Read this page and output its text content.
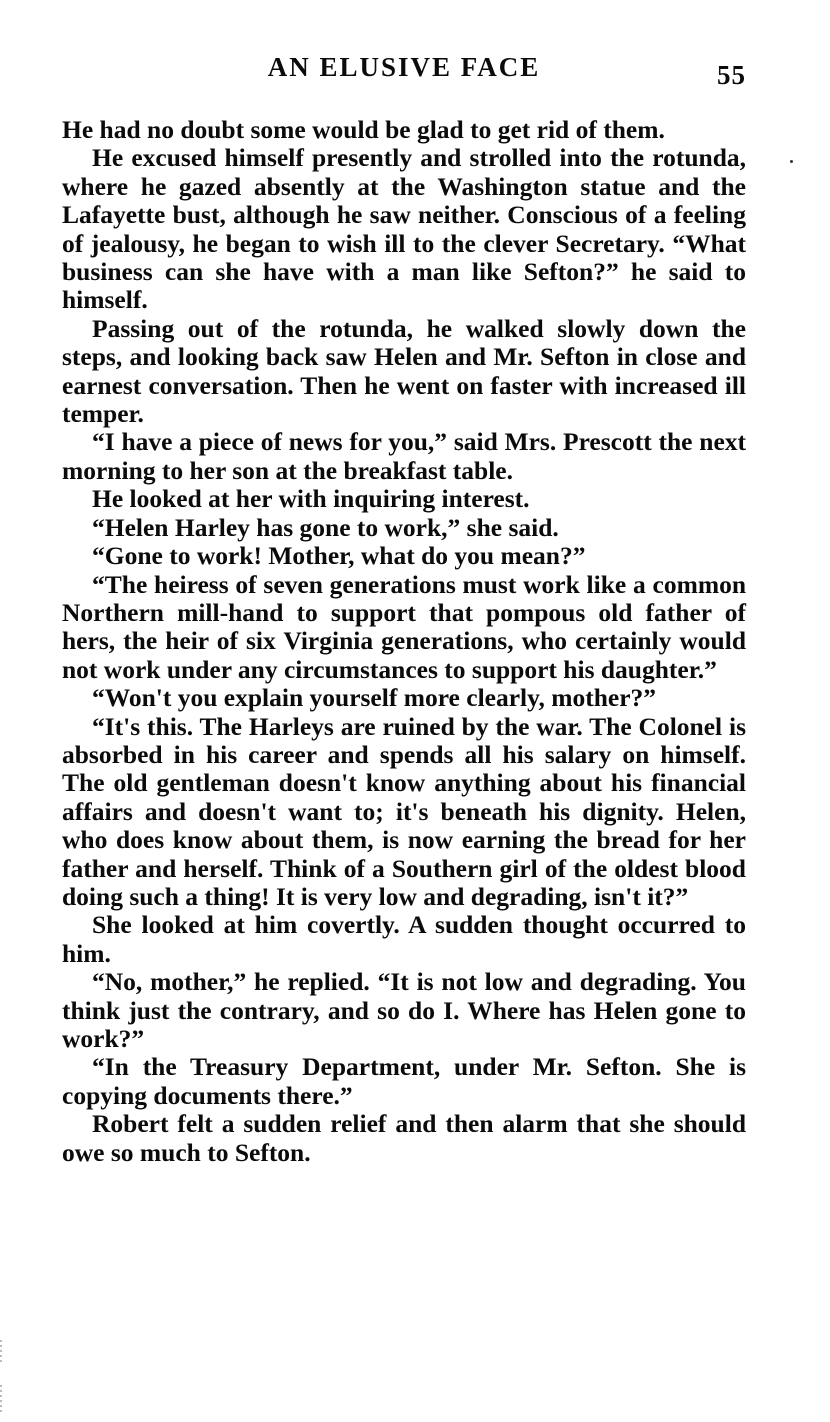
AN ELUSIVE FACE	55

He had no doubt some would be glad to get rid of them.

He excused himself presently and strolled into the rotunda, where he gazed absently at the Washington statue and the Lafayette bust, although he saw neither. Conscious of a feeling of jealousy, he began to wish ill to the clever Secretary. “What business can she have with a man like Sefton?” he said to himself.

Passing out of the rotunda, he walked slowly down the steps, and looking back saw Helen and Mr. Sefton in close and earnest conversation. Then he went on faster with increased ill temper.

“I have a piece of news for you,” said Mrs. Prescott the next morning to her son at the breakfast table.

He looked at her with inquiring interest.

“Helen Harley has gone to work,” she said.

“Gone to work! Mother, what do you mean?”

“The heiress of seven generations must work like a common Northern mill-hand to support that pompous old father of hers, the heir of six Virginia generations, who certainly would not work under any circumstances to support his daughter.”

“Won't you explain yourself more clearly, mother?”

“It's this. The Harleys are ruined by the war. The Colonel is absorbed in his career and spends all his salary on himself. The old gentleman doesn't know anything about his financial affairs and doesn't want to; it's beneath his dignity. Helen, who does know about them, is now earning the bread for her father and herself. Think of a Southern girl of the oldest blood doing such a thing! It is very low and degrading, isn't it?”

She looked at him covertly. A sudden thought occurred to him.

“No, mother,” he replied. “It is not low and degrading. You think just the contrary, and so do I. Where has Helen gone to work?”

“In the Treasury Department, under Mr. Sefton. She is copying documents there.”

Robert felt a sudden relief and then alarm that she should owe so much to Sefton.
